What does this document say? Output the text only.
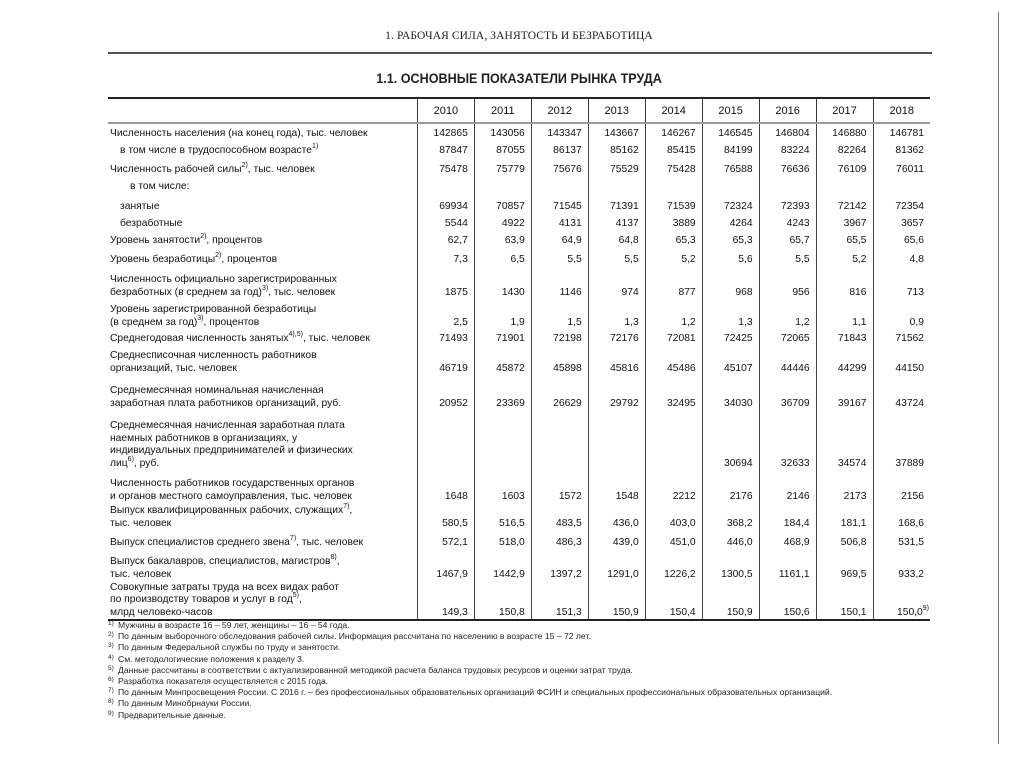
1. РАБОЧАЯ СИЛА, ЗАНЯТОСТЬ И БЕЗРАБОТИЦА
1.1. ОСНОВНЫЕ ПОКАЗАТЕЛИ РЫНКА ТРУДА
	2010	2011	2012	2013	2014	2015	2016	2017	2018
Численность населения (на конец года), тыс. человек	142865	143056	143347	143667	146267	146545	146804	146880	146781
в том числе в трудоспособном возрасте$^{1)}$	87847	87055	86137	85162	85415	84199	83224	82264	81362
Численность рабочей силы$^{2)}$, тыс. человек	75478	75779	75676	75529	75428	76588	76636	76109	76011
в том числе:									
занятые	69934	70857	71545	71391	71539	72324	72393	72142	72354
безработные	5544	4922	4131	4137	3889	4264	4243	3967	3657
Уровень занятости$^{2)}$, процентов	62,7	63,9	64,9	64,8	65,3	65,3	65,7	65,5	65,6
Уровень безработицы$^{2)}$, процентов	7,3	6,5	5,5	5,5	5,2	5,6	5,5	5,2	4,8
Численность официально зарегистрированных
безработных (в среднем за год)$^{3)}$, тыс. человек	1875	1430	1146	974	877	968	956	816	713
Уровень зарегистрированной безработицы
(в среднем за год)$^{3)}$, процентов	2,5	1,9	1,5	1,3	1,2	1,3	1,2	1,1	0,9
Среднегодовая численность занятых$^{4),5)}$, тыс. человек	71493	71901	72198	72176	72081	72425	72065	71843	71562
Среднесписочная численность работников
организаций, тыс. человек	46719	45872	45898	45816	45486	45107	44446	44299	44150
Среднемесячная номинальная начисленная
заработная плата работников организаций, руб.	20952	23369	26629	29792	32495	34030	36709	39167	43724
Среднемесячная начисленная заработная плата
наемных работников в организациях, у
индивидуальных предпринимателей и физических
лиц$^{6)}$, руб.						30694	32633	34574	37889
Численность работников государственных органов
и органов местного самоуправления, тыс. человек	1648	1603	1572	1548	2212	2176	2146	2173	2156
Выпуск квалифицированных рабочих, служащих$^{7)}$,
тыс. человек	580,5	516,5	483,5	436,0	403,0	368,2	184,4	181,1	168,6
Выпуск специалистов среднего звена$^{7)}$, тыс. человек	572,1	518,0	486,3	439,0	451,0	446,0	468,9	506,8	531,5
Выпуск бакалавров, специалистов, магистров$^{8)}$,
тыс. человек	1467,9	1442,9	1397,2	1291,0	1226,2	1300,5	1161,1	969,5	933,2
Совокупные затраты труда на всех видах работ
по производству товаров и услуг в год$^{5)}$,
млрд человеко-часов	149,3	150,8	151,3	150,9	150,4	150,9	150,6	150,1	150,0$^{9)}$
1) Мужчины в возрасте 16 – 59 лет, женщины – 16 – 54 года.
2) По данным выборочного обследования рабочей силы. Информация рассчитана по населению в возрасте 15 – 72 лет.
3) По данным Федеральной службы по труду и занятости.
4) См. методологические положения к разделу 3.
5) Данные рассчитаны в соответствии с актуализированной методикой расчета баланса трудовых ресурсов и оценки затрат труда.
6) Разработка показателя осуществляется с 2015 года.
7) По данным Минпросвещения России. С 2016 г. – без профессиональных образовательных организаций ФСИН и специальных профессиональных образовательных организаций.
8) По данным Минобрнауки России.
9) Предварительные данные.
